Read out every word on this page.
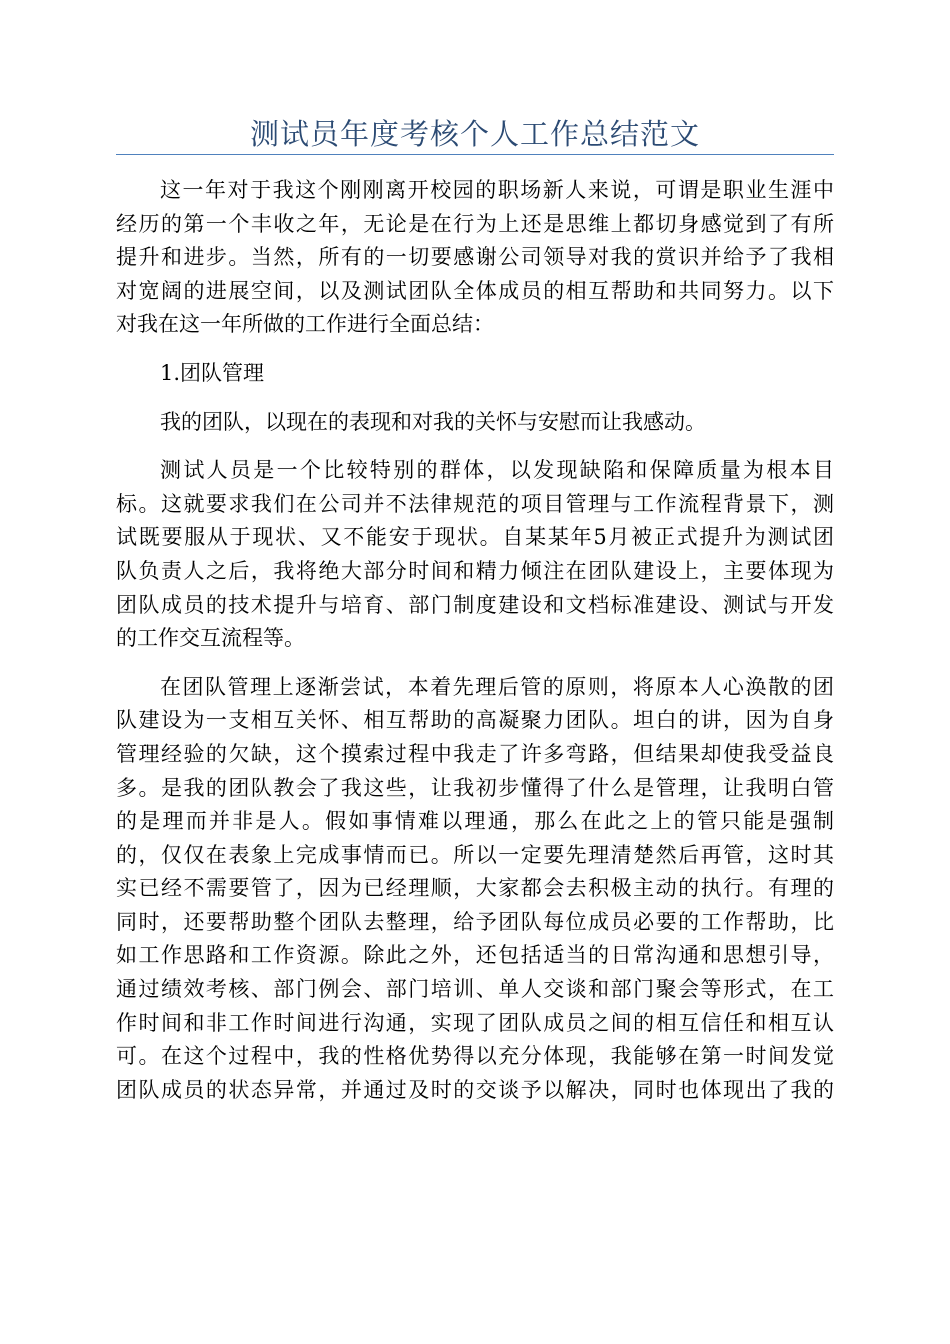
测试员年度考核个人工作总结范文

这一年对于我这个刚刚离开校园的职场新人来说，可谓是职业生涯中
经历的第一个丰收之年，无论是在行为上还是思维上都切身感觉到了有所
提升和进步。当然，所有的一切要感谢公司领导对我的赏识并给予了我相
对宽阔的进展空间，以及测试团队全体成员的相互帮助和共同努力。以下
对我在这一年所做的工作进行全面总结：

1.团队管理

我的团队，以现在的表现和对我的关怀与安慰而让我感动。

测试人员是一个比较特别的群体，以发现缺陷和保障质量为根本目
标。这就要求我们在公司并不法律规范的项目管理与工作流程背景下，测
试既要服从于现状、又不能安于现状。自某某年5月被正式提升为测试团
队负责人之后，我将绝大部分时间和精力倾注在团队建设上，主要体现为
团队成员的技术提升与培育、部门制度建设和文档标准建设、测试与开发
的工作交互流程等。

在团队管理上逐渐尝试，本着先理后管的原则，将原本人心涣散的团
队建设为一支相互关怀、相互帮助的高凝聚力团队。坦白的讲，因为自身
管理经验的欠缺，这个摸索过程中我走了许多弯路，但结果却使我受益良
多。是我的团队教会了我这些，让我初步懂得了什么是管理，让我明白管
的是理而并非是人。假如事情难以理通，那么在此之上的管只能是强制
的，仅仅在表象上完成事情而已。所以一定要先理清楚然后再管，这时其
实已经不需要管了，因为已经理顺，大家都会去积极主动的执行。有理的
同时，还要帮助整个团队去整理，给予团队每位成员必要的工作帮助，比
如工作思路和工作资源。除此之外，还包括适当的日常沟通和思想引导，
通过绩效考核、部门例会、部门培训、单人交谈和部门聚会等形式，在工
作时间和非工作时间进行沟通，实现了团队成员之间的相互信任和相互认
可。在这个过程中，我的性格优势得以充分体现，我能够在第一时间发觉
团队成员的状态异常，并通过及时的交谈予以解决，同时也体现出了我的
